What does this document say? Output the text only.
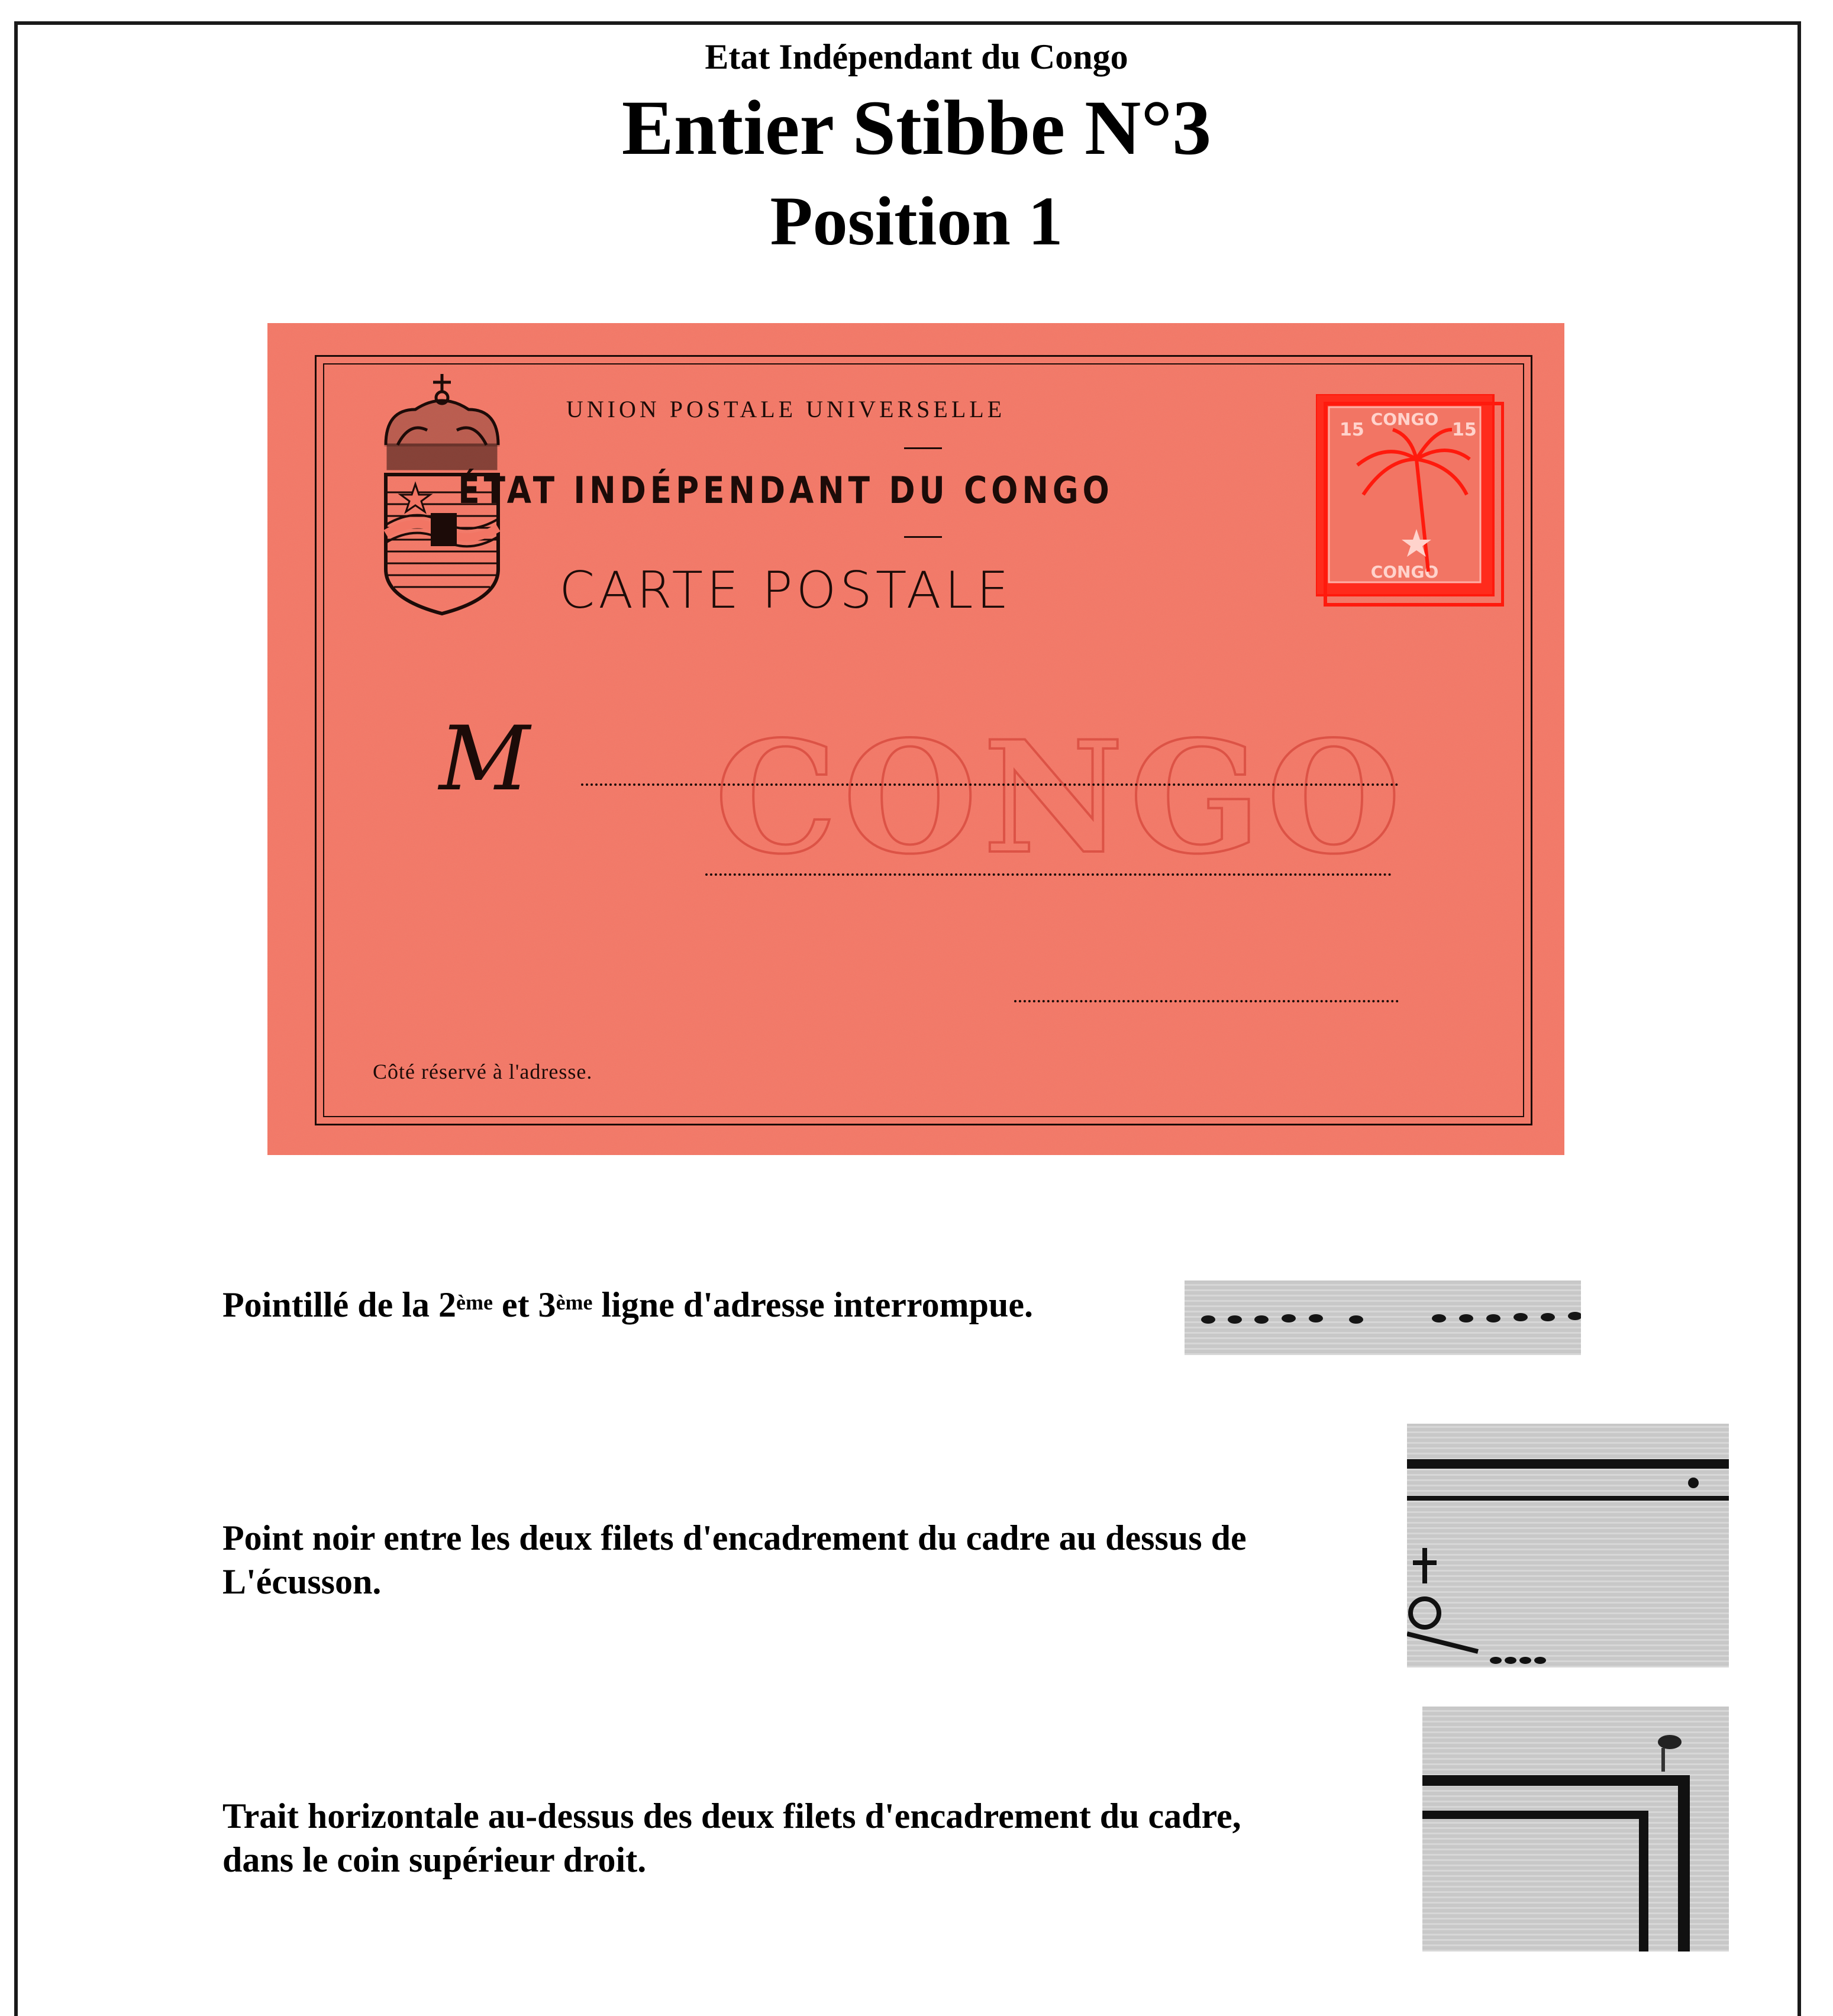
Etat Indépendant du Congo
Entier Stibbe N°3
Position 1
UNION POSTALE UNIVERSELLE
ÉTAT INDÉPENDANT DU CONGO
CARTE POSTALE
CONGO
CONGO
15	15
CONGO
M
Côté réservé à l'adresse.
Pointillé de la 2ème et 3ème ligne d'adresse interrompue.
Point noir entre les deux filets d'encadrement du cadre au dessus de
L'écusson.
Trait horizontale au-dessus des deux filets d'encadrement du cadre,
dans le coin supérieur droit.
